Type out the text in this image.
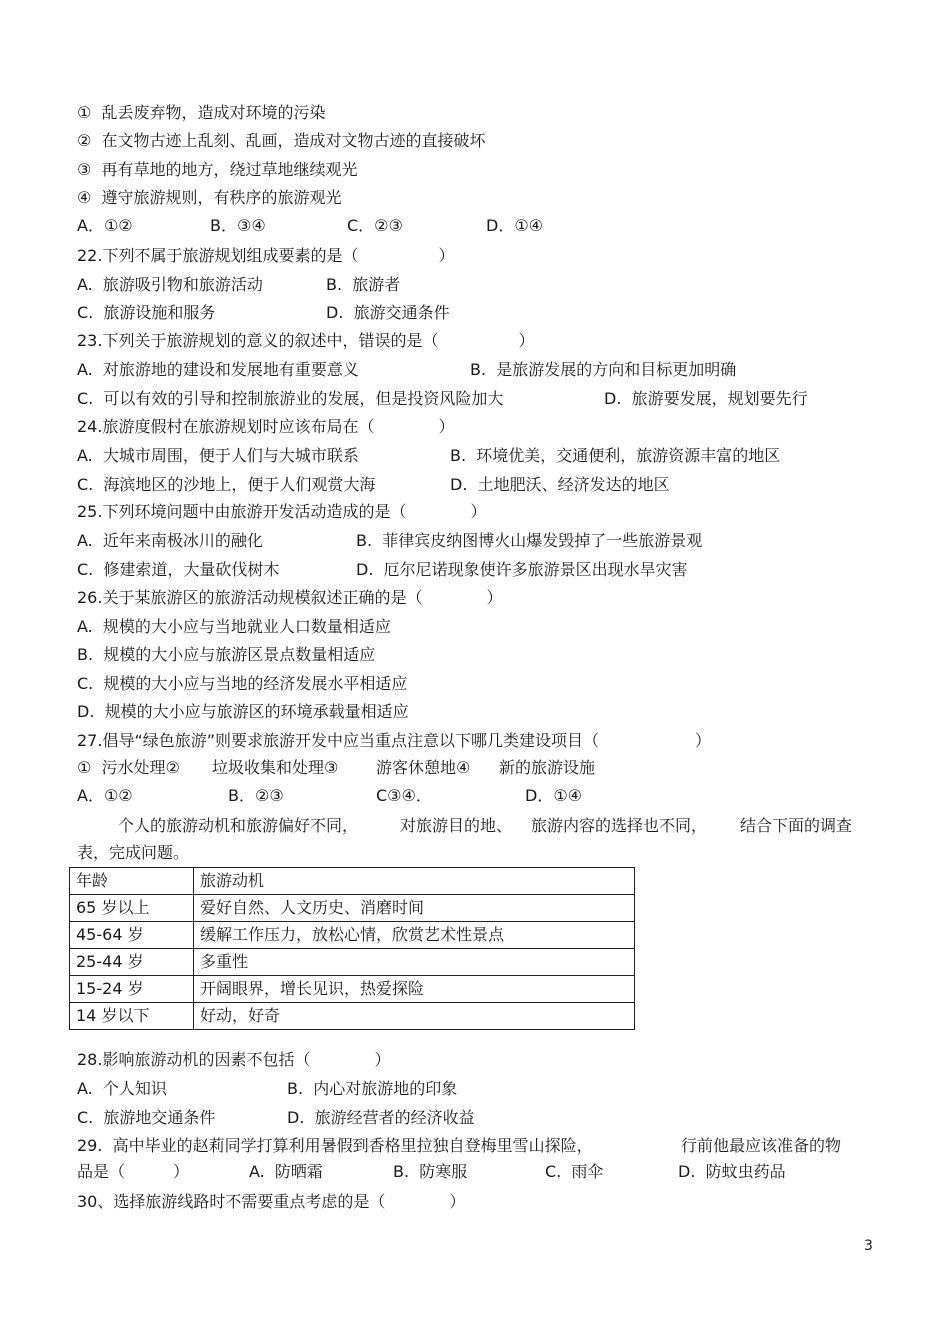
①  乱丢废弃物，造成对环境的污染
②  在文物古迹上乱刻、乱画，造成对文物古迹的直接破坏
③  再有草地的地方，绕过草地继续观光
④  遵守旅游规则，有秩序的旅游观光
A．①②	B．③④	C．②③	D．①④
22.下列不属于旅游规划组成要素的是（　　　　　）
A.  旅游吸引物和旅游活动	B.  旅游者
C.  旅游设施和服务	D.  旅游交通条件
23.下列关于旅游规划的意义的叙述中，错误的是（　　　　　）
A.  对旅游地的建设和发展地有重要意义	B.  是旅游发展的方向和目标更加明确
C.  可以有效的引导和控制旅游业的发展，但是投资风险加大	D.  旅游要发展，规划要先行
24.旅游度假村在旅游规划时应该布局在（　　　　）
A.  大城市周围，便于人们与大城市联系	B.  环境优美，交通便利，旅游资源丰富的地区
C.  海滨地区的沙地上，便于人们观赏大海	D.  土地肥沃、经济发达的地区
25.下列环境问题中由旅游开发活动造成的是（　　　　）
A.  近年来南极冰川的融化	B.  菲律宾皮纳图博火山爆发毁掉了一些旅游景观
C.  修建索道，大量砍伐树木	D.  厄尔尼诺现象使许多旅游景区出现水旱灾害
26.关于某旅游区的旅游活动规模叙述正确的是（　　　　）
A.  规模的大小应与当地就业人口数量相适应
B.  规模的大小应与旅游区景点数量相适应
C.  规模的大小应与当地的经济发展水平相适应
D.  规模的大小应与旅游区的环境承载量相适应
27.倡导“绿色旅游”则要求旅游开发中应当重点注意以下哪几类建设项目（　　　　　　）
①  污水处理② 垃圾收集和处理③ 游客休憩地④ 新的旅游设施
A．①②	B．②③	C③④．	D．①④
个人的旅游动机和旅游偏好不同，	对旅游目的地、 旅游内容的选择也不同， 结合下面的调查
表，完成问题。
年龄	旅游动机
65 岁以上	爱好自然、人文历史、消磨时间
45-64 岁	缓解工作压力，放松心情，欣赏艺术性景点
25-44 岁	多重性
15-24 岁	开阔眼界，增长见识，热爱探险
14 岁以下	好动，好奇
28.影响旅游动机的因素不包括（　　　　）
A.  个人知识	B.  内心对旅游地的印象
C.  旅游地交通条件	D.  旅游经营者的经济收益
29.  高中毕业的赵莉同学打算利用暑假到香格里拉独自登梅里雪山探险，	行前他最应该准备的物
品是（　　　）	A.  防晒霜	B.  防寒服	C.  雨伞	D.  防蚊虫药品
30、选择旅游线路时不需要重点考虑的是（　　　　）
3
